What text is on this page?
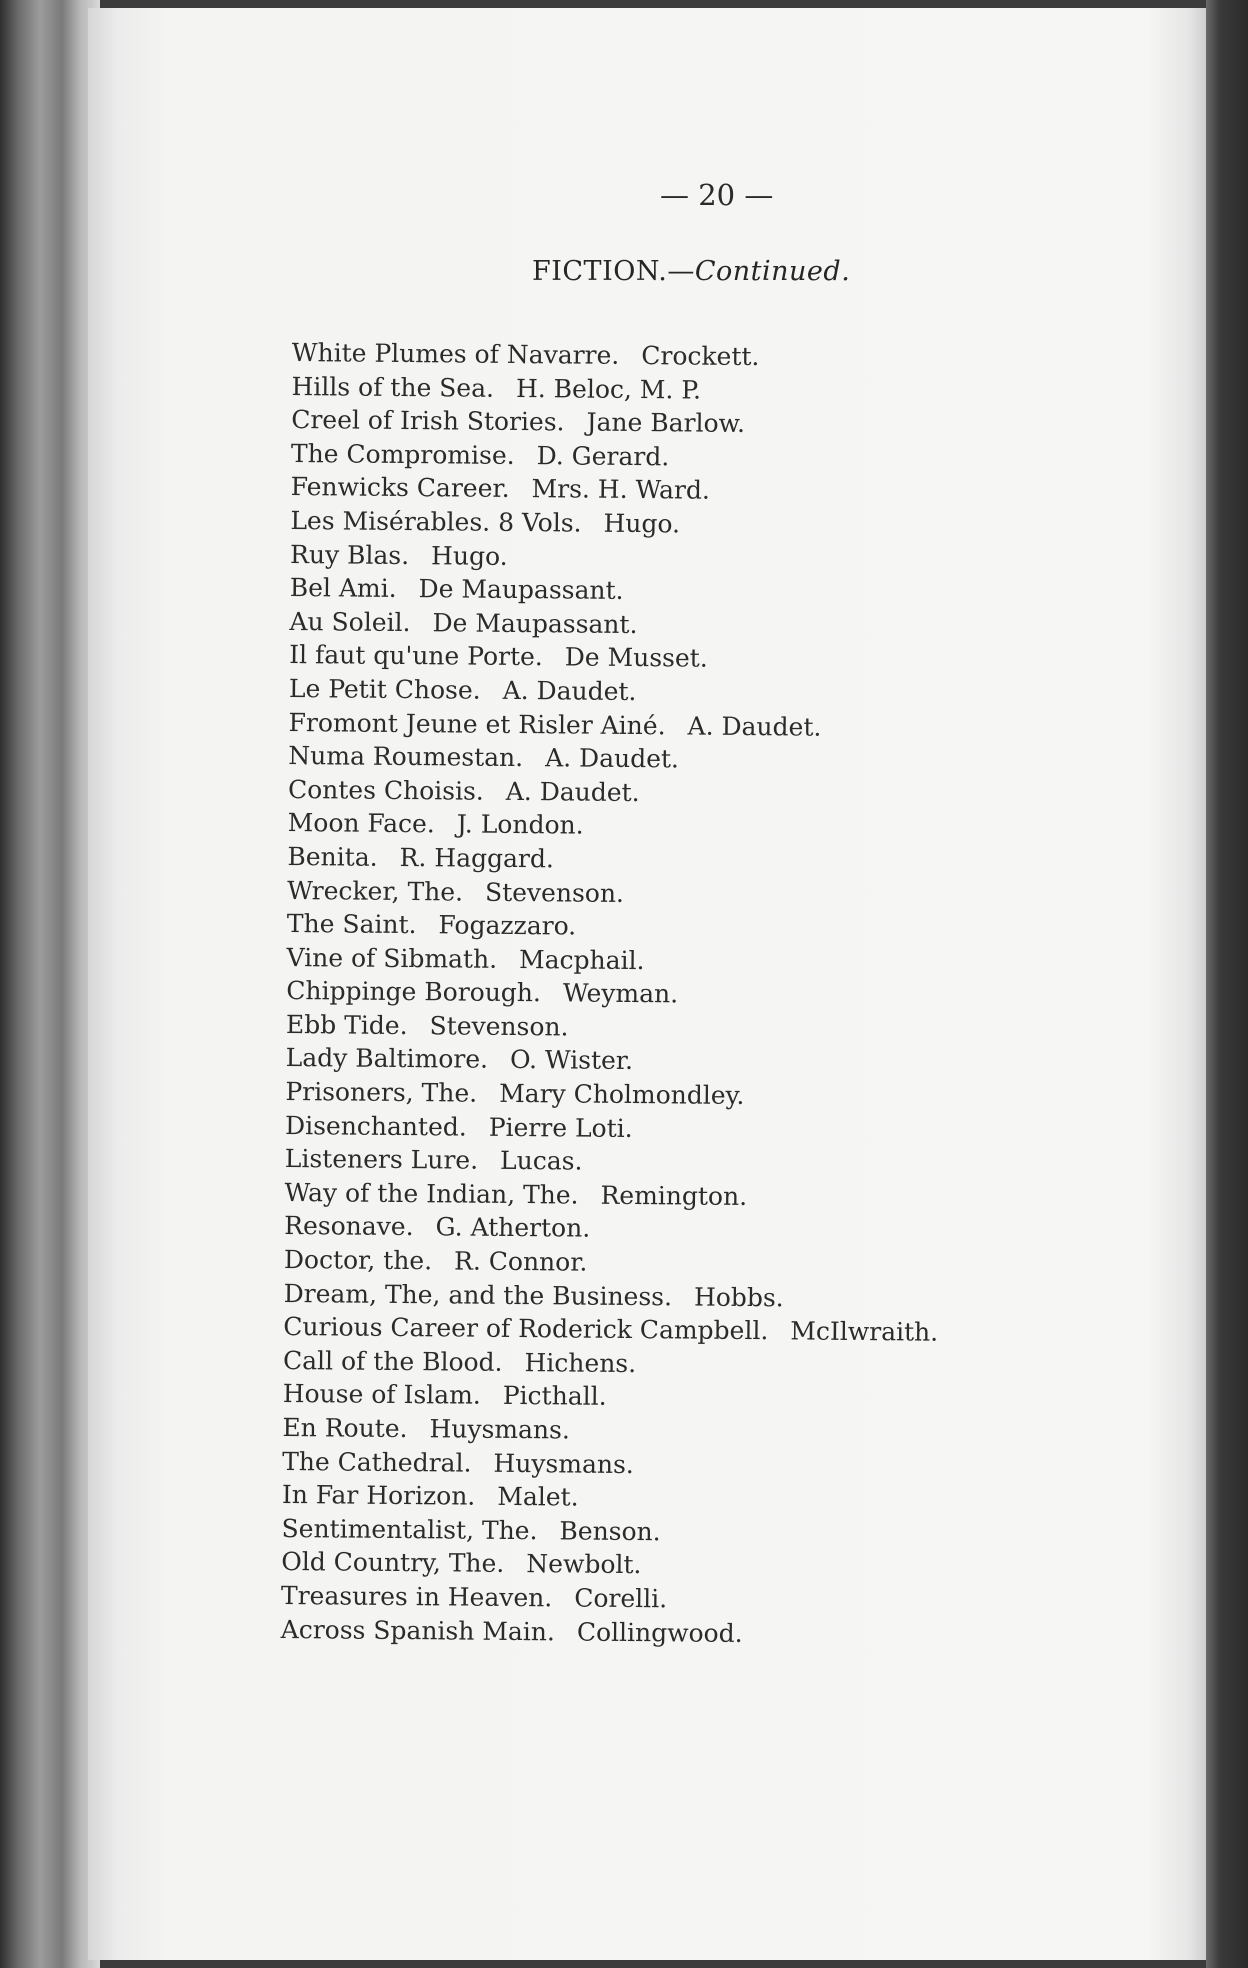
— 20 —
FICTION.—Continued.
White Plumes of Navarre. Crockett.
Hills of the Sea. H. Beloc, M. P.
Creel of Irish Stories. Jane Barlow.
The Compromise. D. Gerard.
Fenwicks Career. Mrs. H. Ward.
Les Misérables. 8 Vols. Hugo.
Ruy Blas. Hugo.
Bel Ami. De Maupassant.
Au Soleil. De Maupassant.
Il faut qu'une Porte. De Musset.
Le Petit Chose. A. Daudet.
Fromont Jeune et Risler Ainé. A. Daudet.
Numa Roumestan. A. Daudet.
Contes Choisis. A. Daudet.
Moon Face. J. London.
Benita. R. Haggard.
Wrecker, The. Stevenson.
The Saint. Fogazzaro.
Vine of Sibmath. Macphail.
Chippinge Borough. Weyman.
Ebb Tide. Stevenson.
Lady Baltimore. O. Wister.
Prisoners, The. Mary Cholmondley.
Disenchanted. Pierre Loti.
Listeners Lure. Lucas.
Way of the Indian, The. Remington.
Resonave. G. Atherton.
Doctor, the. R. Connor.
Dream, The, and the Business. Hobbs.
Curious Career of Roderick Campbell. McIlwraith.
Call of the Blood. Hichens.
House of Islam. Picthall.
En Route. Huysmans.
The Cathedral. Huysmans.
In Far Horizon. Malet.
Sentimentalist, The. Benson.
Old Country, The. Newbolt.
Treasures in Heaven. Corelli.
Across Spanish Main. Collingwood.
